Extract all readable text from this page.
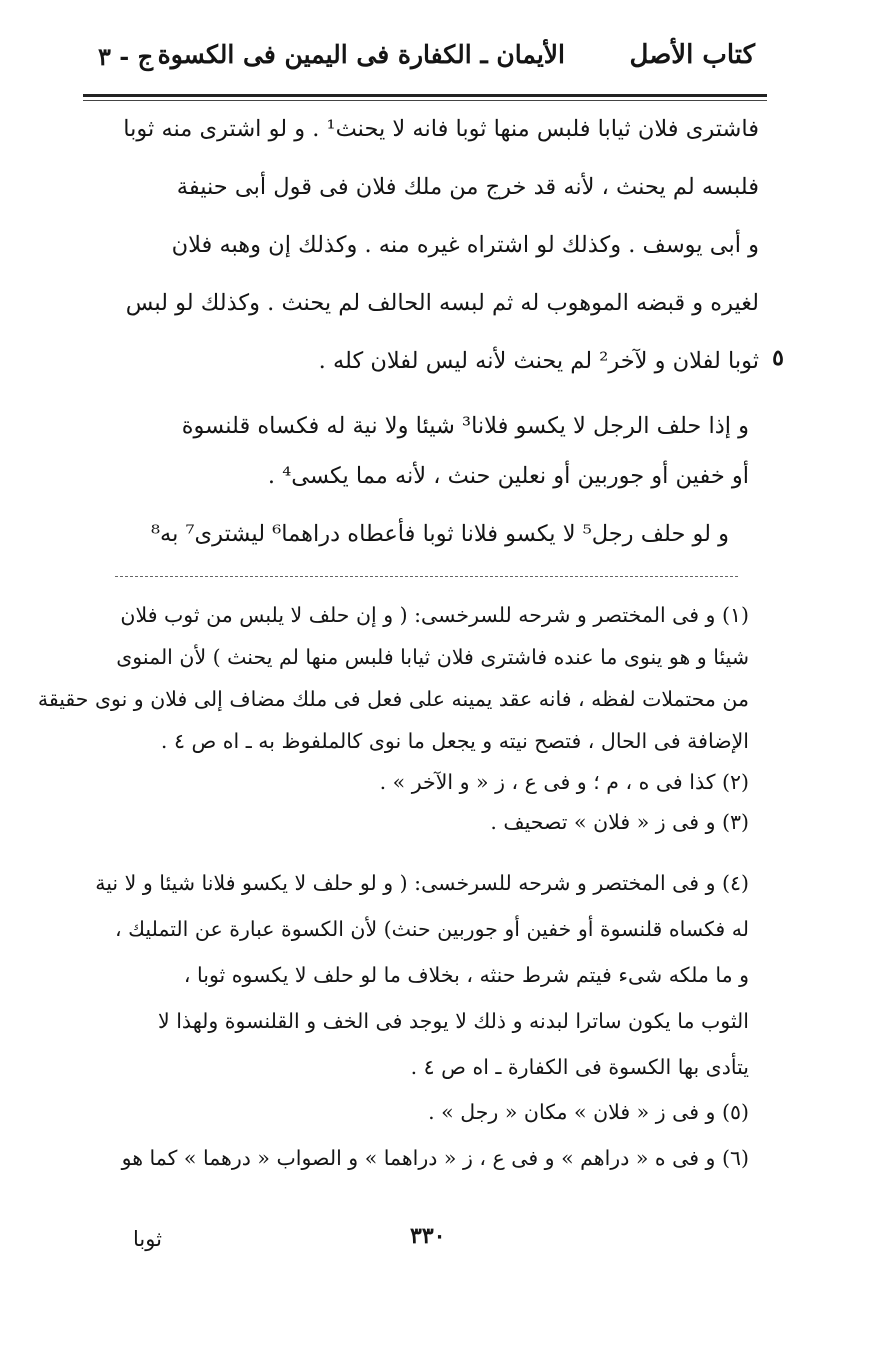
كتاب الأصل
الأيمان ـ الكفارة فى اليمين فى الكسوة
ج - ٣

فاشترى فلان ثيابا فلبس منها ثوبا فانه لا يحنث¹ . و لو اشترى منه ثوبا

فلبسه لم يحنث ، لأنه قد خرج من ملك فلان فى قول أبى حنيفة

و أبى يوسف . وكذلك لو اشتراه غيره منه . وكذلك إن وهبه فلان

لغيره و قبضه الموهوب له ثم لبسه الحالف لم يحنث . وكذلك لو لبس

ثوبا لفلان و لآخر² لم يحنث لأنه ليس لفلان كله . ٥

و إذا حلف الرجل لا يكسو فلانا³ شيئا ولا نية له فكساه قلنسوة

أو خفين أو جوربين أو نعلين حنث ، لأنه مما يكسى⁴ .

و لو حلف رجل⁵ لا يكسو فلانا ثوبا فأعطاه دراهما⁶ ليشترى⁷ به⁸

(١) و فى المختصر و شرحه للسرخسى: ( و إن حلف لا يلبس من ثوب فلان

شيئا و هو ينوى ما عنده فاشترى فلان ثيابا فلبس منها لم يحنث ) لأن المنوى

من محتملات لفظه ، فانه عقد يمينه على فعل فى ملك مضاف إلى فلان و نوى حقيقة

الإضافة فى الحال ، فتصح نيته و يجعل ما نوى كالملفوظ به ـ اه ص ٤ .

(٢) كذا فى ه ، م ؛ و فى ع ، ز « و الآخر » .

(٣) و فى ز « فلان » تصحيف .

(٤) و فى المختصر و شرحه للسرخسى: ( و لو حلف لا يكسو فلانا شيئا و لا نية

له فكساه قلنسوة أو خفين أو جوربين حنث) لأن الكسوة عبارة عن التمليك ،

و ما ملكه شىء فيتم شرط حنثه ، بخلاف ما لو حلف لا يكسوه ثوبا ،

الثوب ما يكون ساترا لبدنه و ذلك لا يوجد فى الخف و القلنسوة ولهذا لا

يتأدى بها الكسوة فى الكفارة ـ اه ص ٤ .

(٥) و فى ز « فلان » مكان « رجل » .

(٦) و فى ه « دراهم » و فى ع ، ز « دراهما » و الصواب « درهما » كما هو

٣٣٠
ثوبا
